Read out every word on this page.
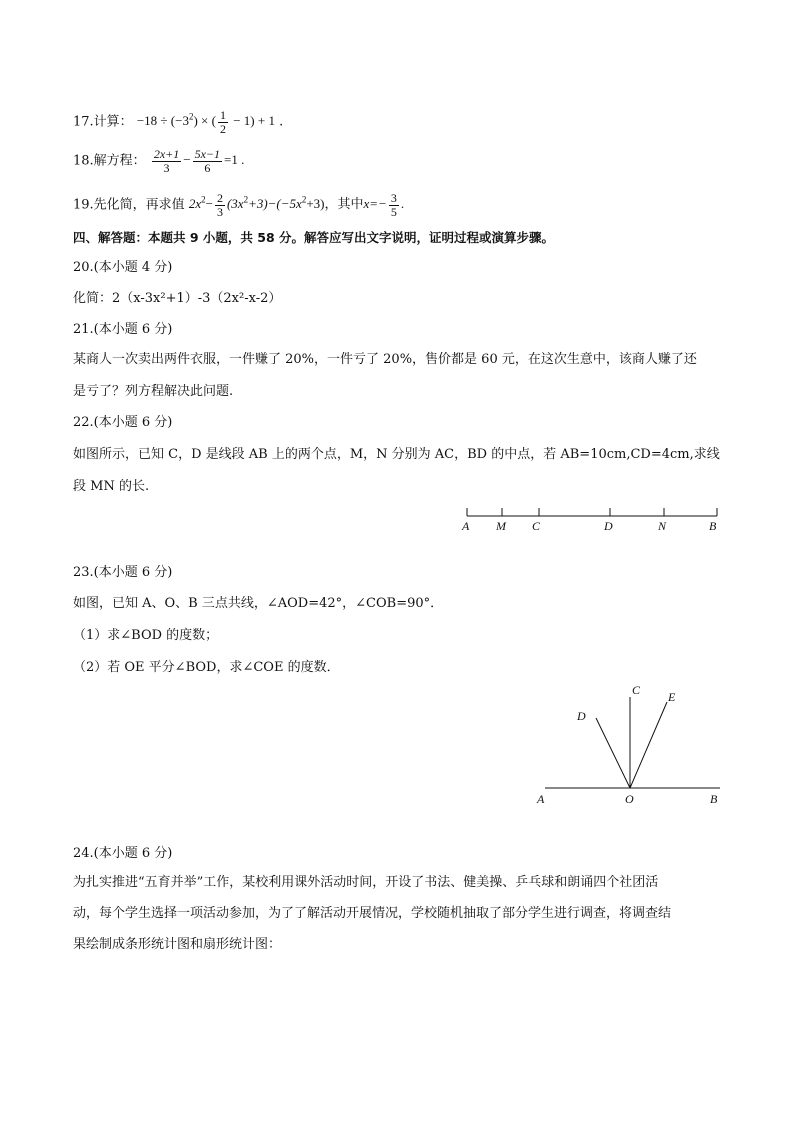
17.计算： $-18 \div (-3^2)$ × ( $\frac{1}{2} - 1) + 1$ .
18.解方程： $\frac{2x+1}{3} - \frac{5x-1}{6} =1$ .
19.先化简，再求值 $2x^2- \frac{2}{3} (3x^2+3)-(-5x^2+3)$，其中$x=- \frac{3}{5}$ .
四、解答题：本题共 9 小题，共 58 分。解答应写出文字说明，证明过程或演算步骤。
20.(本小题 4 分)
化简：2（x-3x²+1）-3（2x²-x-2）
21.(本小题 6 分)
某商人一次卖出两件衣服，一件赚了 20%，一件亏了 20%，售价都是 60 元，在这次生意中，该商人赚了还
是亏了？列方程解决此问题.
22.(本小题 6 分)
如图所示，已知 C，D 是线段 AB 上的两个点，M，N 分别为 AC，BD 的中点，若 AB=10cm,CD=4cm,求线
段 MN 的长.
A M C	D	N	B
23.(本小题 6 分)
如图，已知 A、O、B 三点共线，∠AOD=42°，∠COB=90°．
（1）求∠BOD 的度数；
（2）若 OE 平分∠BOD，求∠COE 的度数．
A	O	B
C
D
E
24.(本小题 6 分)
为扎实推进“五育并举”工作，某校利用课外活动时间，开设了书法、健美操、乒乓球和朗诵四个社团活
动，每个学生选择一项活动参加，为了了解活动开展情况，学校随机抽取了部分学生进行调查，将调查结
果绘制成条形统计图和扇形统计图：
